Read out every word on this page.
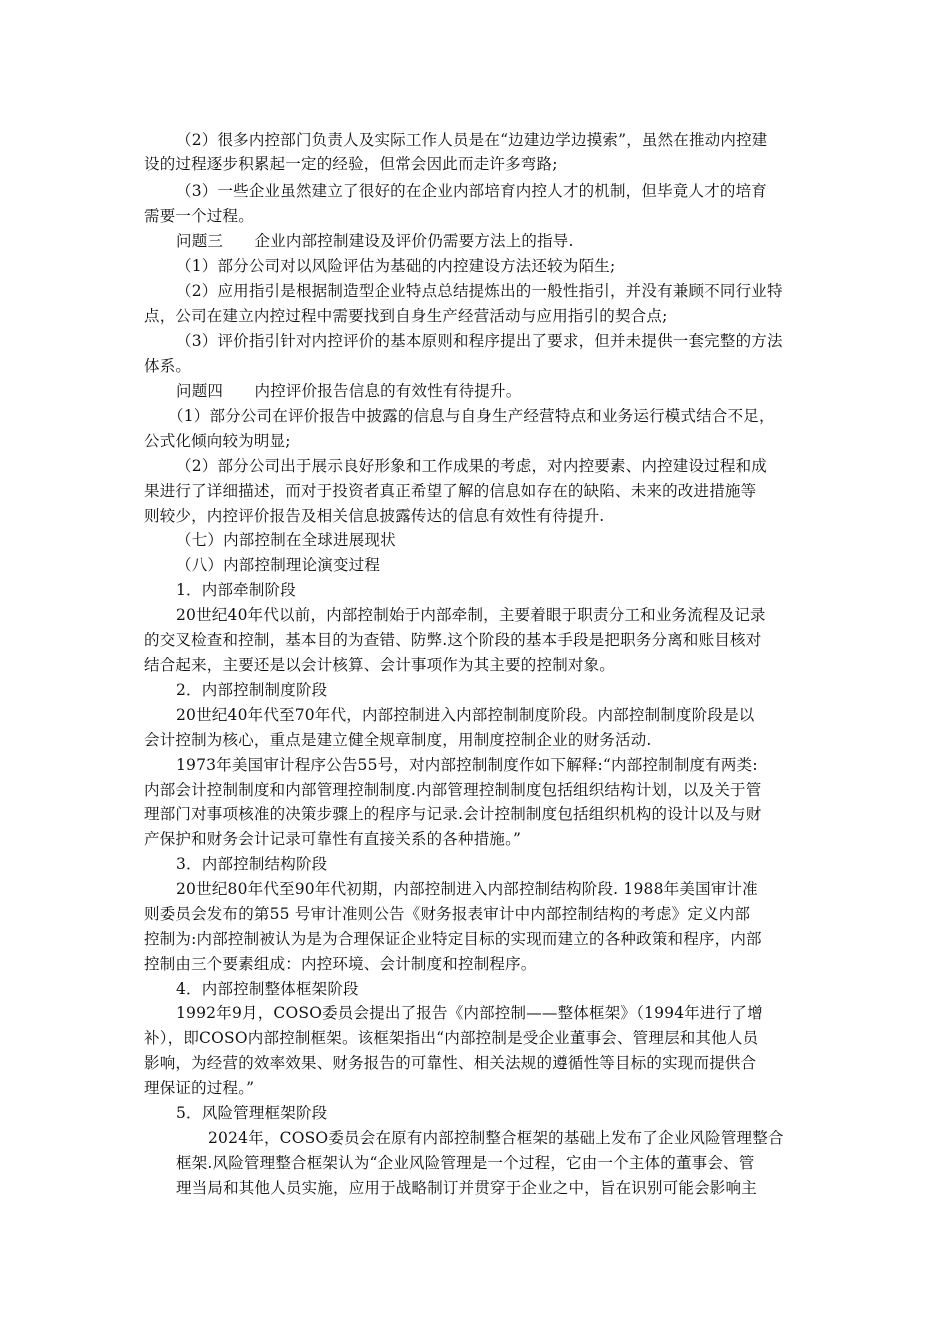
（2）很多内控部门负责人及实际工作人员是在“边建边学边摸索”，虽然在推动内控建
设的过程逐步积累起一定的经验，但常会因此而走许多弯路;
（3）一些企业虽然建立了很好的在企业内部培育内控人才的机制，但毕竟人才的培育
需要一个过程。
问题三　　企业内部控制建设及评价仍需要方法上的指导.
（1）部分公司对以风险评估为基础的内控建设方法还较为陌生;
（2）应用指引是根据制造型企业特点总结提炼出的一般性指引，并没有兼顾不同行业特
点，公司在建立内控过程中需要找到自身生产经营活动与应用指引的契合点;
（3）评价指引针对内控评价的基本原则和程序提出了要求，但并未提供一套完整的方法
体系。
问题四　　内控评价报告信息的有效性有待提升。
（1）部分公司在评价报告中披露的信息与自身生产经营特点和业务运行模式结合不足，
公式化倾向较为明显;
（2）部分公司出于展示良好形象和工作成果的考虑，对内控要素、内控建设过程和成
果进行了详细描述，而对于投资者真正希望了解的信息如存在的缺陷、未来的改进措施等
则较少，内控评价报告及相关信息披露传达的信息有效性有待提升.
（七）内部控制在全球进展现状
（八）内部控制理论演变过程
1．内部牵制阶段
20世纪40年代以前，内部控制始于内部牵制，主要着眼于职责分工和业务流程及记录
的交叉检查和控制，基本目的为查错、防弊.这个阶段的基本手段是把职务分离和账目核对
结合起来，主要还是以会计核算、会计事项作为其主要的控制对象。
2．内部控制制度阶段
20世纪40年代至70年代，内部控制进入内部控制制度阶段。内部控制制度阶段是以
会计控制为核心，重点是建立健全规章制度，用制度控制企业的财务活动.
1973年美国审计程序公告55号，对内部控制制度作如下解释:“内部控制制度有两类:
内部会计控制制度和内部管理控制制度.内部管理控制制度包括组织结构计划，以及关于管
理部门对事项核准的决策步骤上的程序与记录.会计控制制度包括组织机构的设计以及与财
产保护和财务会计记录可靠性有直接关系的各种措施。”
3．内部控制结构阶段
20世纪80年代至90年代初期，内部控制进入内部控制结构阶段. 1988年美国审计准
则委员会发布的第55 号审计准则公告《财务报表审计中内部控制结构的考虑》定义内部
控制为:内部控制被认为是为合理保证企业特定目标的实现而建立的各种政策和程序，内部
控制由三个要素组成：内控环境、会计制度和控制程序。
4．内部控制整体框架阶段
1992年9月，COSO委员会提出了报告《内部控制——整体框架》（1994年进行了增
补），即COSO内部控制框架。该框架指出“内部控制是受企业董事会、管理层和其他人员
影响，为经营的效率效果、财务报告的可靠性、相关法规的遵循性等目标的实现而提供合
理保证的过程。”
5．风险管理框架阶段
2024年，COSO委员会在原有内部控制整合框架的基础上发布了企业风险管理整合
框架.风险管理整合框架认为“企业风险管理是一个过程，它由一个主体的董事会、管
理当局和其他人员实施，应用于战略制订并贯穿于企业之中，旨在识别可能会影响主
